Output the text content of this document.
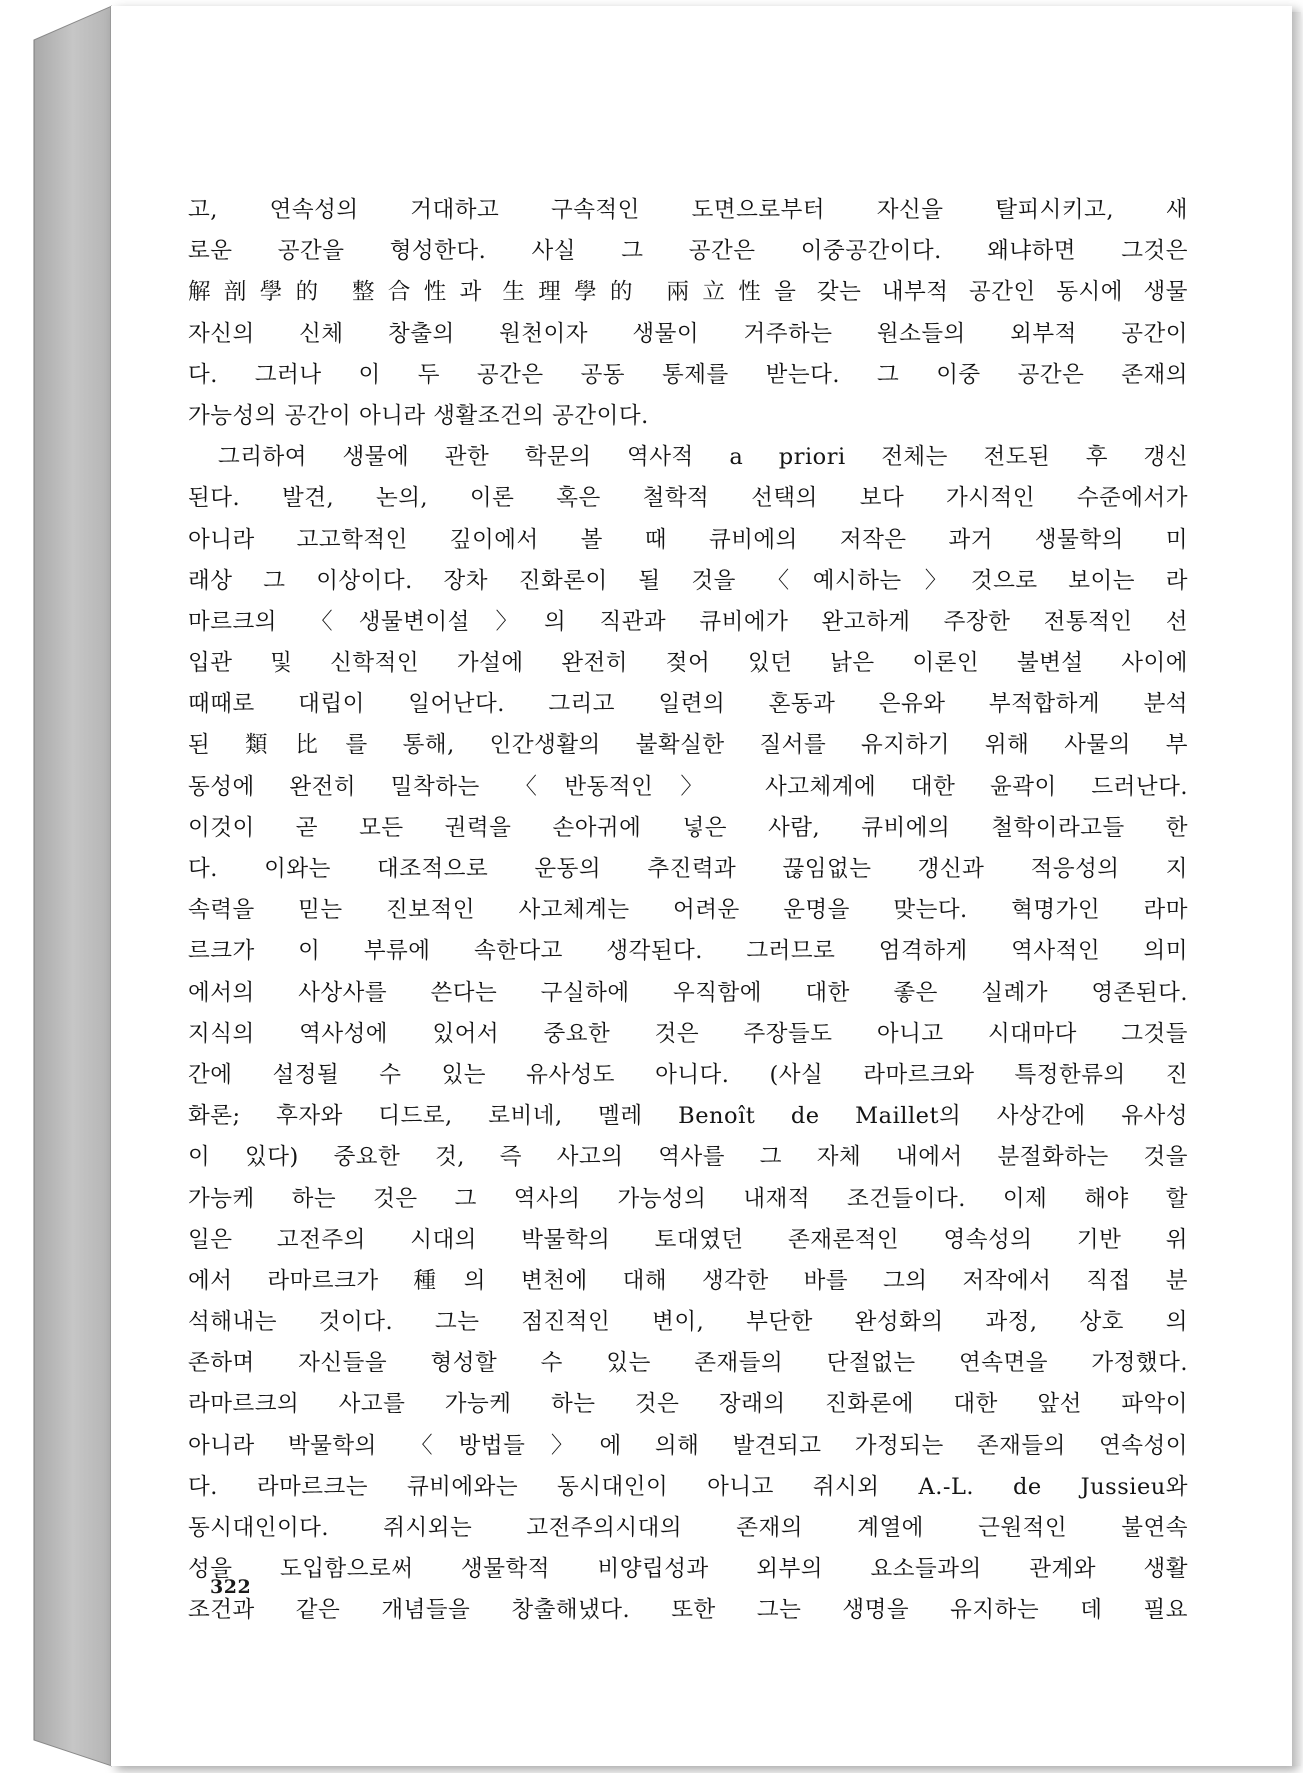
고, 연속성의 거대하고 구속적인 도면으로부터 자신을 탈피시키고, 새
로운 공간을 형성한다. 사실 그 공간은 이중공간이다. 왜냐하면 그것은
解剖學的 整合性과 生理學的 兩立性을 갖는 내부적 공간인 동시에 생물
자신의 신체 창출의 원천이자 생물이 거주하는 원소들의 외부적 공간이
다. 그러나 이 두 공간은 공동 통제를 받는다. 그 이중 공간은 존재의
가능성의 공간이 아니라 생활조건의 공간이다.
그리하여 생물에 관한 학문의 역사적 a priori 전체는 전도된 후 갱신
된다. 발견, 논의, 이론 혹은 철학적 선택의 보다 가시적인 수준에서가
아니라 고고학적인 깊이에서 볼 때 큐비에의 저작은 과거 생물학의 미
래상 그 이상이다. 장차 진화론이 될 것을 〈예시하는〉것으로 보이는 라
마르크의 〈생물변이설〉의 직관과 큐비에가 완고하게 주장한 전통적인 선
입관 및 신학적인 가설에 완전히 젖어 있던 낡은 이론인 불변설 사이에
때때로 대립이 일어난다. 그리고 일련의 혼동과 은유와 부적합하게 분석
된 類比를 통해, 인간생활의 불확실한 질서를 유지하기 위해 사물의 부
동성에 완전히 밀착하는 〈반동적인〉 사고체계에 대한 윤곽이 드러난다.
이것이 곧 모든 권력을 손아귀에 넣은 사람, 큐비에의 철학이라고들 한
다. 이와는 대조적으로 운동의 추진력과 끊임없는 갱신과 적응성의 지
속력을 믿는 진보적인 사고체계는 어려운 운명을 맞는다. 혁명가인 라마
르크가 이 부류에 속한다고 생각된다. 그러므로 엄격하게 역사적인 의미
에서의 사상사를 쓴다는 구실하에 우직함에 대한 좋은 실례가 영존된다.
지식의 역사성에 있어서 중요한 것은 주장들도 아니고 시대마다 그것들
간에 설정될 수 있는 유사성도 아니다. (사실 라마르크와 특정한류의 진
화론; 후자와 디드로, 로비네, 멜레 Benoît de Maillet의 사상간에 유사성
이 있다) 중요한 것, 즉 사고의 역사를 그 자체 내에서 분절화하는 것을
가능케 하는 것은 그 역사의 가능성의 내재적 조건들이다. 이제 해야 할
일은 고전주의 시대의 박물학의 토대였던 존재론적인 영속성의 기반 위
에서 라마르크가 種의 변천에 대해 생각한 바를 그의 저작에서 직접 분
석해내는 것이다. 그는 점진적인 변이, 부단한 완성화의 과정, 상호 의
존하며 자신들을 형성할 수 있는 존재들의 단절없는 연속면을 가정했다.
라마르크의 사고를 가능케 하는 것은 장래의 진화론에 대한 앞선 파악이
아니라 박물학의 〈방법들〉에 의해 발견되고 가정되는 존재들의 연속성이
다. 라마르크는 큐비에와는 동시대인이 아니고 쥐시외 A.-L. de Jussieu와
동시대인이다. 쥐시외는 고전주의시대의 존재의 계열에 근원적인 불연속
성을 도입함으로써 생물학적 비양립성과 외부의 요소들과의 관계와 생활
조건과 같은 개념들을 창출해냈다. 또한 그는 생명을 유지하는 데 필요
322
